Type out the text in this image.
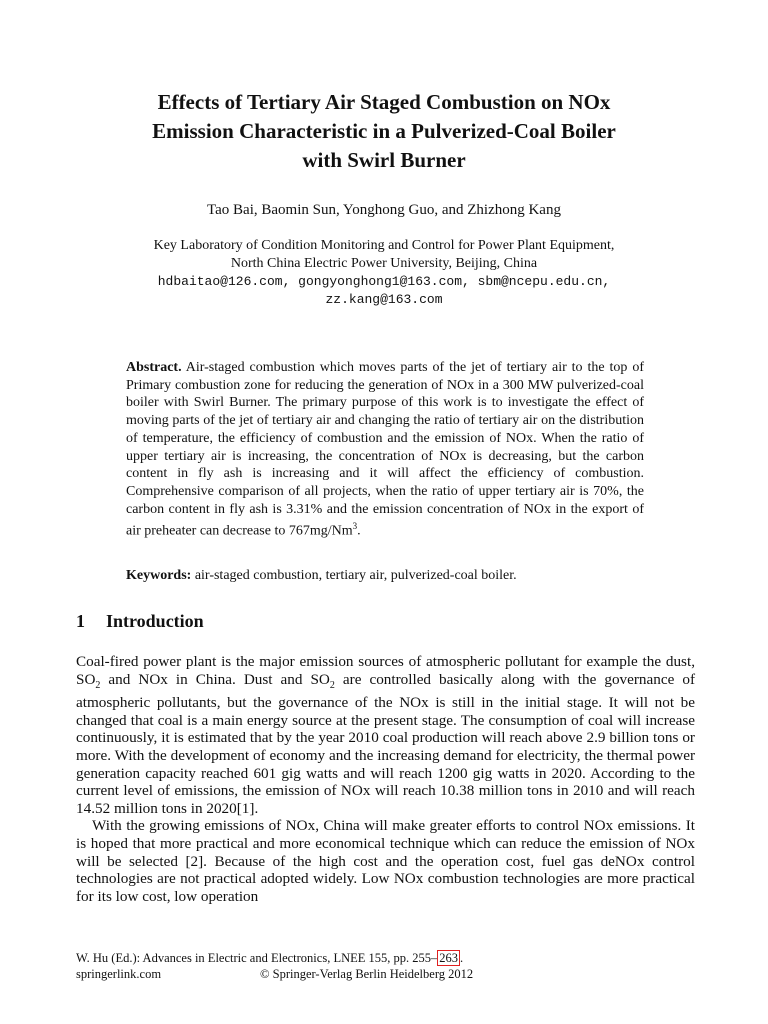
Effects of Tertiary Air Staged Combustion on NOx
Emission Characteristic in a Pulverized-Coal Boiler
with Swirl Burner
Tao Bai, Baomin Sun, Yonghong Guo, and Zhizhong Kang
Key Laboratory of Condition Monitoring and Control for Power Plant Equipment,
North China Electric Power University, Beijing, China
hdbaitao@126.com, gongyonghong1@163.com, sbm@ncepu.edu.cn,
zz.kang@163.com
Abstract. Air-staged combustion which moves parts of the jet of tertiary air to the top of Primary combustion zone for reducing the generation of NOx in a 300 MW pulverized-coal boiler with Swirl Burner. The primary purpose of this work is to investigate the effect of moving parts of the jet of tertiary air and changing the ratio of tertiary air on the distribution of temperature, the efficiency of combustion and the emission of NOx. When the ratio of upper tertiary air is increasing, the concentration of NOx is decreasing, but the carbon content in fly ash is increasing and it will affect the efficiency of combustion. Comprehensive comparison of all projects, when the ratio of upper tertiary air is 70%, the carbon content in fly ash is 3.31% and the emission concentration of NOx in the export of air preheater can decrease to 767mg/Nm$^3$.
Keywords: air-staged combustion, tertiary air, pulverized-coal boiler.
1 Introduction

Coal-fired power plant is the major emission sources of atmospheric pollutant for example the dust, $SO_2$ and NOx in China. Dust and $SO_2$ are controlled basically along with the governance of atmospheric pollutants, but the governance of the NOx is still in the initial stage. It will not be changed that coal is a main energy source at the present stage. The consumption of coal will increase continuously, it is estimated that by the year 2010 coal production will reach above 2.9 billion tons or more. With the development of economy and the increasing demand for electricity, the thermal power generation capacity reached 601 gig watts and will reach 1200 gig watts in 2020. According to the current level of emissions, the emission of NOx will reach 10.38 million tons in 2010 and will reach 14.52 million tons in 2020[1].

With the growing emissions of NOx, China will make greater efforts to control NOx emissions. It is hoped that more practical and more economical technique which can reduce the emission of NOx will be selected [2]. Because of the high cost and the operation cost, fuel gas deNOx control technologies are not practical adopted widely. Low NOx combustion technologies are more practical for its low cost, low operation

W. Hu (Ed.): Advances in Electric and Electronics, LNEE 155, pp. 255– 263 .
springerlink.com	© Springer-Verlag Berlin Heidelberg 2012
